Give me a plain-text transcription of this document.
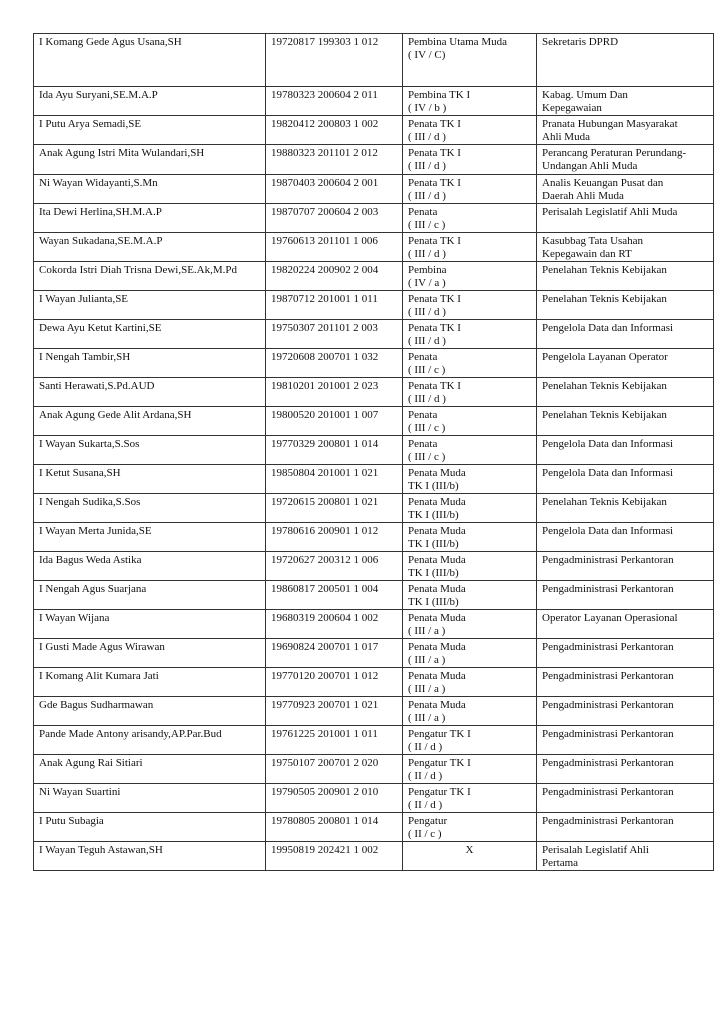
I Komang Gede Agus Usana,SH	19720817 199303 1 012	Pembina Utama Muda
( IV / C)	Sekretaris DPRD

Ida Ayu Suryani,SE.M.A.P	19780323 200604 2 011	Pembina TK I
( IV / b )	Kabag. Umum Dan
Kepegawaian

I Putu Arya Semadi,SE	19820412 200803 1 002	Penata TK I
( III / d )	Pranata Hubungan Masyarakat
Ahli Muda

Anak Agung Istri Mita Wulandari,SH	19880323 201101 2 012	Penata TK I
( III / d )	Perancang Peraturan Perundang-
Undangan Ahli Muda

Ni Wayan Widayanti,S.Mn	19870403 200604 2 001	Penata TK I
( III / d )	Analis Keuangan Pusat dan
Daerah Ahli Muda

Ita Dewi Herlina,SH.M.A.P	19870707 200604 2 003	Penata
( III / c )	Perisalah Legislatif Ahli Muda

Wayan Sukadana,SE.M.A.P	19760613 201101 1 006	Penata TK I
( III / d )	Kasubbag Tata Usahan
Kepegawain dan RT

Cokorda Istri Diah Trisna Dewi,SE.Ak,M.Pd	19820224 200902 2 004	Pembina
( IV / a )	Penelahan Teknis Kebijakan

I Wayan Julianta,SE	19870712 201001 1 011	Penata TK I
( III / d )	Penelahan Teknis Kebijakan

Dewa Ayu Ketut Kartini,SE	19750307 201101 2 003	Penata TK I
( III / d )	Pengelola Data dan Informasi

I Nengah Tambir,SH	19720608 200701 1 032	Penata
( III / c )	Pengelola Layanan Operator

Santi Herawati,S.Pd.AUD	19810201 201001 2 023	Penata TK I
( III / d )	Penelahan Teknis Kebijakan

Anak Agung Gede Alit Ardana,SH	19800520 201001 1 007	Penata
( III / c )	Penelahan Teknis Kebijakan

I Wayan Sukarta,S.Sos	19770329 200801 1 014	Penata
( III / c )	Pengelola Data dan Informasi

I Ketut Susana,SH	19850804 201001 1 021	Penata Muda
TK I (III/b)	Pengelola Data dan Informasi

I Nengah Sudika,S.Sos	19720615 200801 1 021	Penata Muda
TK I (III/b)	Penelahan Teknis Kebijakan

I Wayan Merta Junida,SE	19780616 200901 1 012	Penata Muda
TK I (III/b)	Pengelola Data dan Informasi

Ida Bagus Weda Astika	19720627 200312 1 006	Penata Muda
TK I (III/b)	Pengadministrasi Perkantoran

I Nengah Agus Suarjana	19860817 200501 1 004	Penata Muda
TK I (III/b)	Pengadministrasi Perkantoran

I Wayan Wijana	19680319 200604 1 002	Penata Muda
( III / a )	Operator Layanan Operasional

I Gusti Made Agus Wirawan	19690824 200701 1 017	Penata Muda
( III / a )	Pengadministrasi Perkantoran

I Komang Alit Kumara Jati	19770120 200701 1 012	Penata Muda
( III / a )	Pengadministrasi Perkantoran

Gde Bagus Sudharmawan	19770923 200701 1 021	Penata Muda
( III / a )	Pengadministrasi Perkantoran

Pande Made Antony arisandy,AP.Par.Bud	19761225 201001 1 011	Pengatur TK I
( II / d )	Pengadministrasi Perkantoran

Anak Agung Rai Sitiari	19750107 200701 2 020	Pengatur TK I
( II / d )	Pengadministrasi Perkantoran

Ni Wayan Suartini	19790505 200901 2 010	Pengatur TK I
( II / d )	Pengadministrasi Perkantoran

I Putu Subagia	19780805 200801 1 014	Pengatur
( II / c )	Pengadministrasi Perkantoran

I Wayan Teguh Astawan,SH	19950819 202421 1 002	X	Perisalah Legislatif Ahli
Pertama
